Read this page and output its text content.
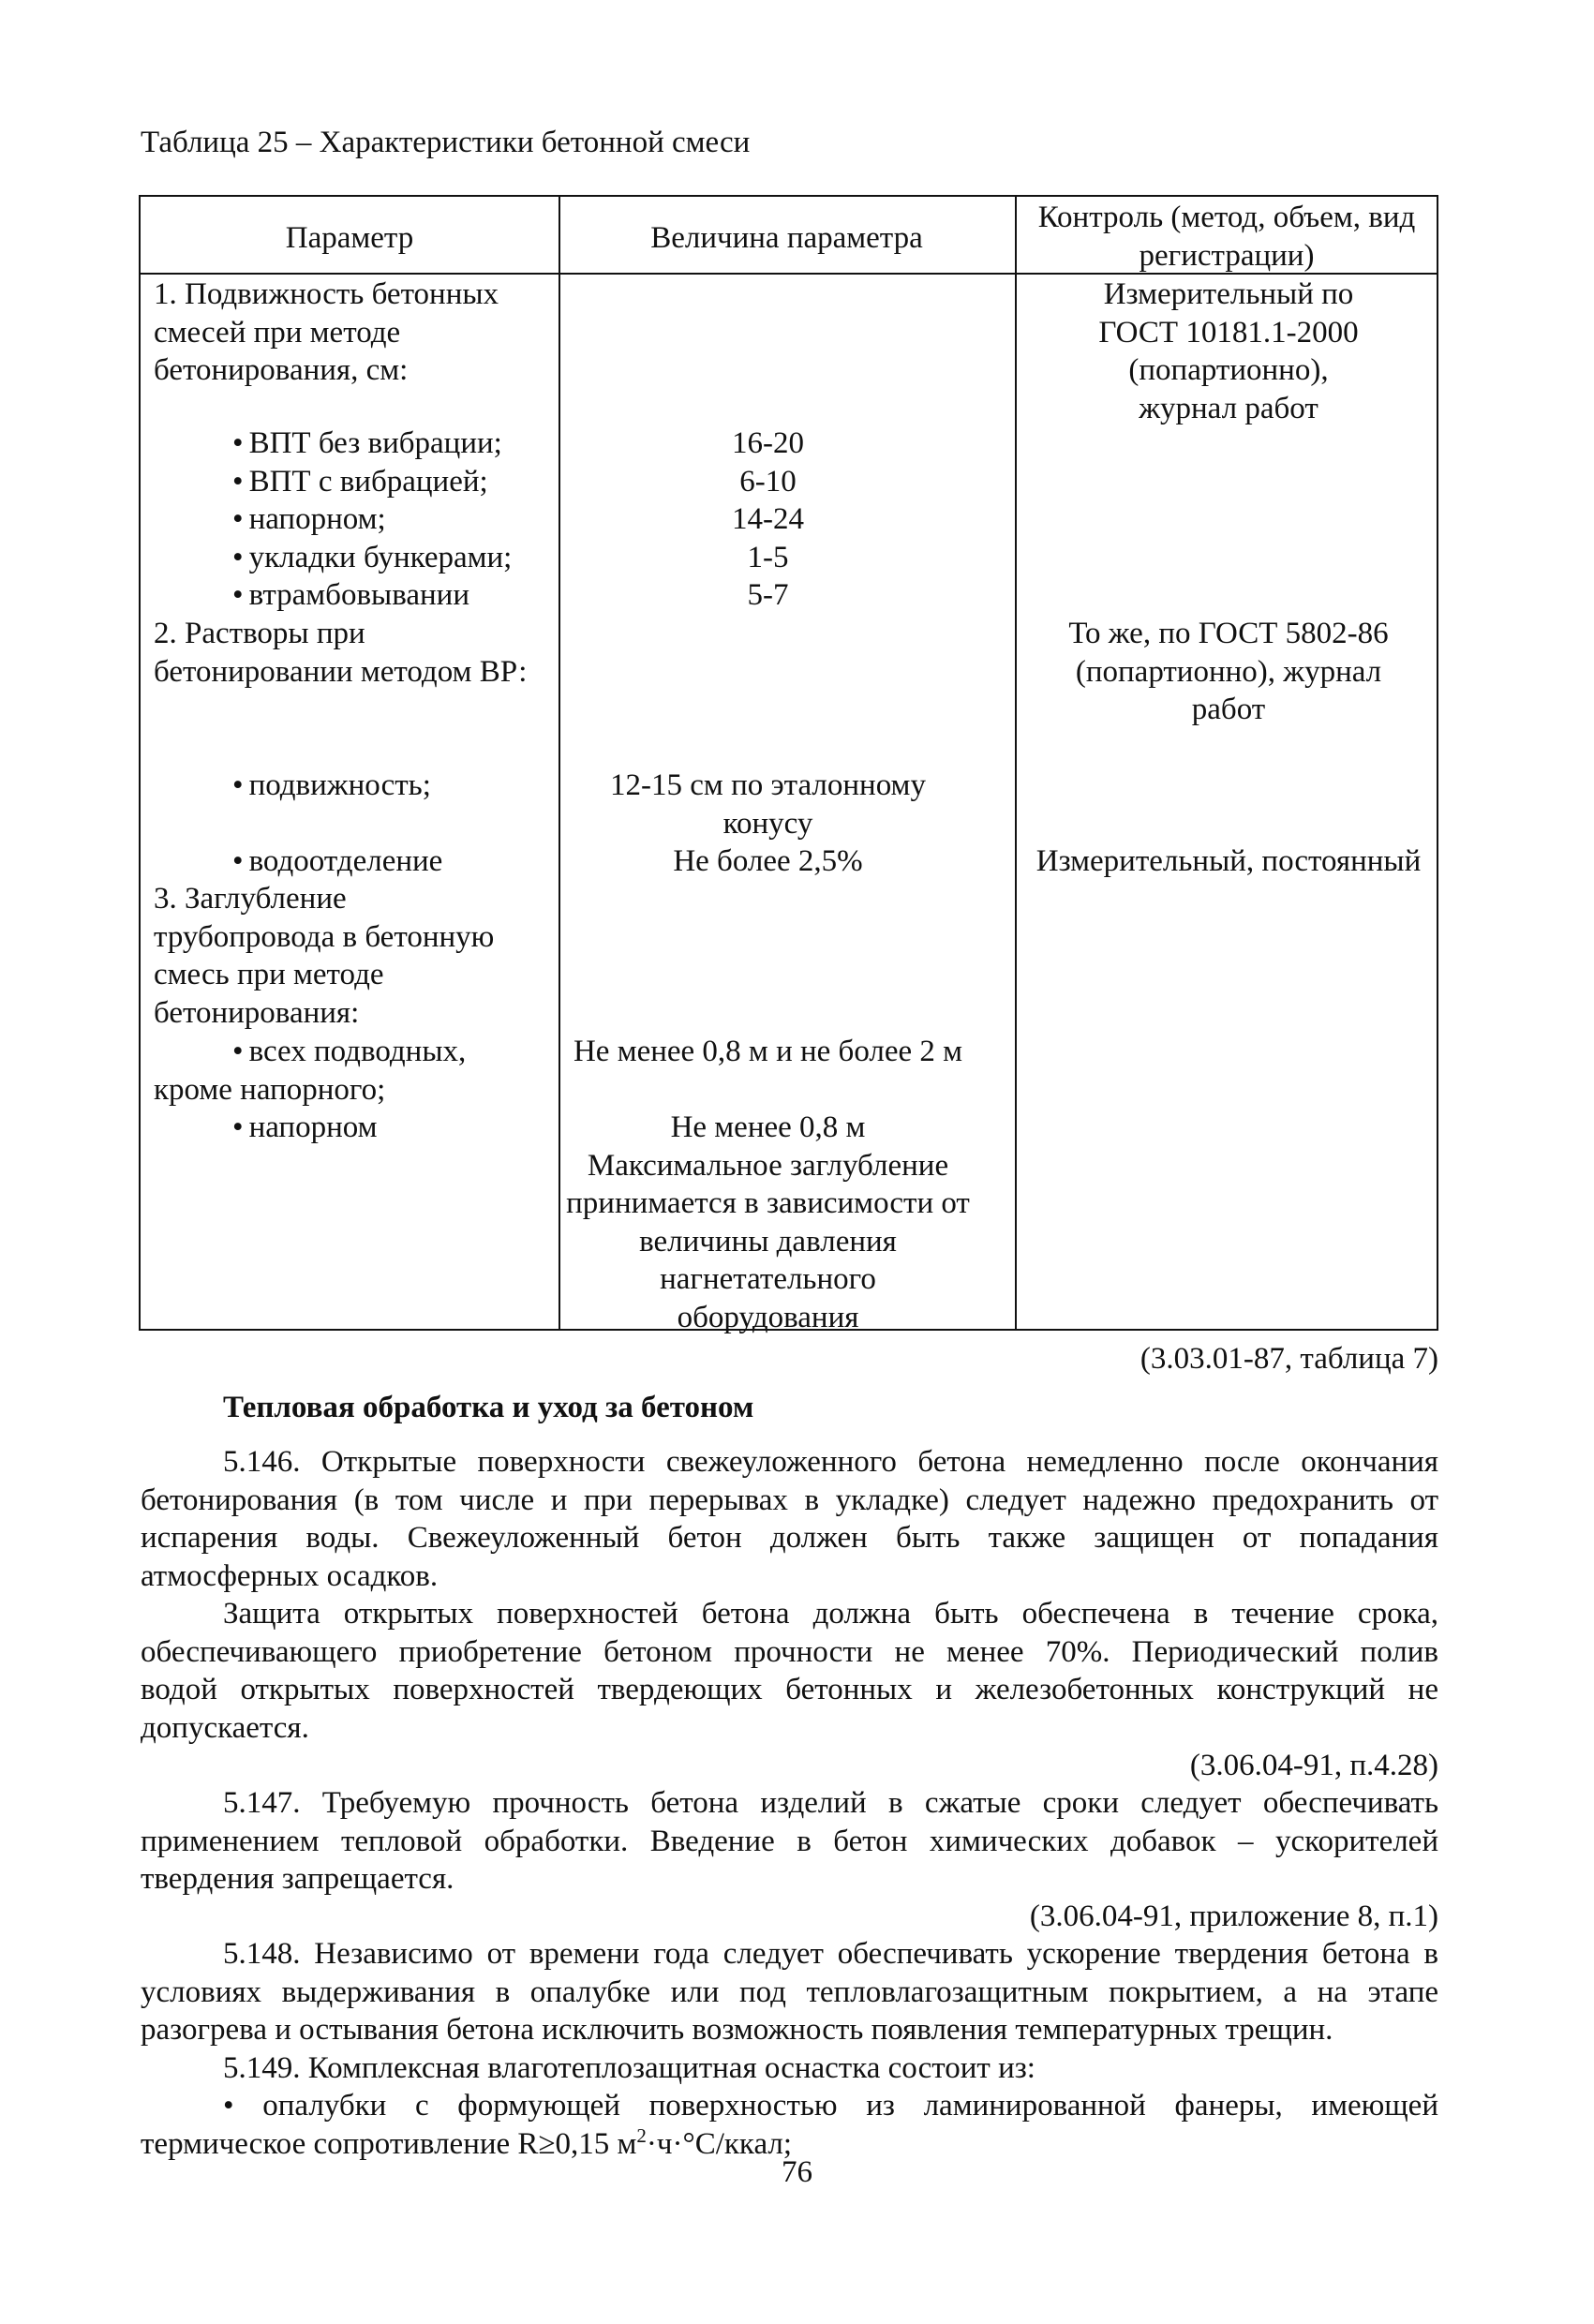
Таблица 25 – Характеристики бетонной смеси
Параметр	Величина параметра
Контроль (метод, объем, вид
регистрации)
1. Подвижность бетонных
смесей при методе
бетонирования, см:
• ВПТ без вибрации;
• ВПТ с вибрацией;
• напорном;
• укладки бункерами;
• втрамбовывании
2. Растворы при
бетонировании методом ВР:
• подвижность;
• водоотделение
3. Заглубление
трубопровода в бетонную
смесь при методе
бетонирования:
• всех подводных,
кроме напорного;
• напорном
16-20
6-10
14-24
1-5
5-7
12-15 см по эталонному
конусу
Не более 2,5%
Не менее 0,8 м и не более 2 м
Не менее 0,8 м
Максимальное заглубление
принимается в зависимости от
величины давления
нагнетательного
оборудования
Измерительный по
ГОСТ 10181.1-2000
(попартионно),
журнал работ
То же, по ГОСТ 5802-86
(попартионно), журнал
работ
Измерительный, постоянный
(3.03.01-87, таблица 7)
Тепловая обработка и уход за бетоном
5.146. Открытые поверхности свежеуложенного бетона немедленно после окончания
бетонирования (в том числе и при перерывах в укладке) следует надежно предохранить от
испарения воды. Свежеуложенный бетон должен быть также защищен от попадания
атмосферных осадков.
Защита открытых поверхностей бетона должна быть обеспечена в течение срока,
обеспечивающего приобретение бетоном прочности не менее 70%. Периодический полив
водой открытых поверхностей твердеющих бетонных и железобетонных конструкций не
допускается.
(3.06.04-91, п.4.28)
5.147. Требуемую прочность бетона изделий в сжатые сроки следует обеспечивать
применением тепловой обработки. Введение в бетон химических добавок – ускорителей
твердения запрещается.
(3.06.04-91, приложение 8, п.1)
5.148. Независимо от времени года следует обеспечивать ускорение твердения бетона в
условиях выдерживания в опалубке или под тепловлагозащитным покрытием, а на этапе
разогрева и остывания бетона исключить возможность появления температурных трещин.
5.149. Комплексная влаготеплозащитная оснастка состоит из:
• опалубки с формующей поверхностью из ламинированной фанеры, имеющей
термическое сопротивление R≥0,15 $м^2\cdot ч\cdot^\circ С$/ккал;
76
